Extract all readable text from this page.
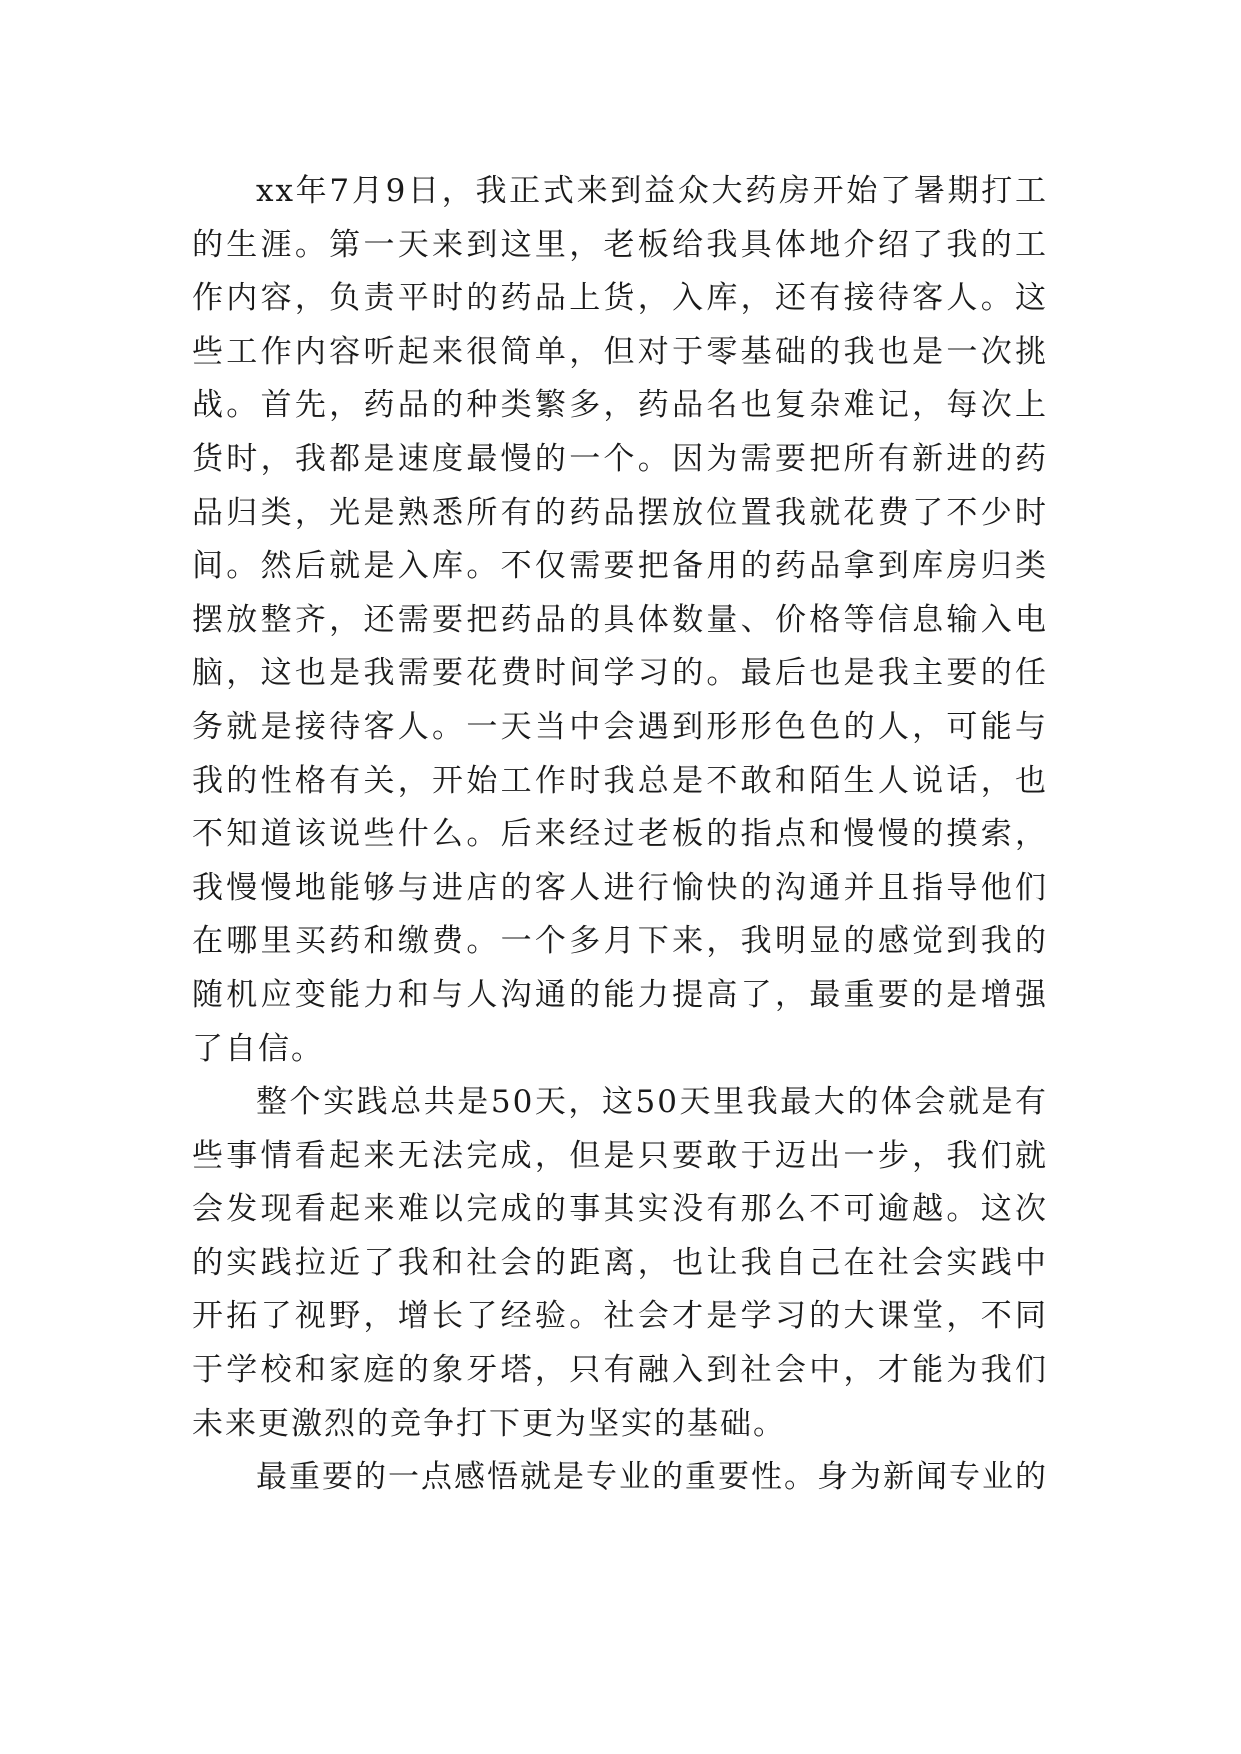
xx年7月9日，我正式来到益众大药房开始了暑期打工的生涯。第一天来到这里，老板给我具体地介绍了我的工作内容，负责平时的药品上货，入库，还有接待客人。这些工作内容听起来很简单，但对于零基础的我也是一次挑战。首先，药品的种类繁多，药品名也复杂难记，每次上货时，我都是速度最慢的一个。因为需要把所有新进的药品归类，光是熟悉所有的药品摆放位置我就花费了不少时间。然后就是入库。不仅需要把备用的药品拿到库房归类摆放整齐，还需要把药品的具体数量、价格等信息输入电脑，这也是我需要花费时间学习的。最后也是我主要的任务就是接待客人。一天当中会遇到形形色色的人，可能与我的性格有关，开始工作时我总是不敢和陌生人说话，也不知道该说些什么。后来经过老板的指点和慢慢的摸索，我慢慢地能够与进店的客人进行愉快的沟通并且指导他们在哪里买药和缴费。一个多月下来，我明显的感觉到我的随机应变能力和与人沟通的能力提高了，最重要的是增强了自信。

整个实践总共是50天，这50天里我最大的体会就是有些事情看起来无法完成，但是只要敢于迈出一步，我们就会发现看起来难以完成的事其实没有那么不可逾越。这次的实践拉近了我和社会的距离，也让我自己在社会实践中开拓了视野，增长了经验。社会才是学习的大课堂，不同于学校和家庭的象牙塔，只有融入到社会中，才能为我们未来更激烈的竞争打下更为坚实的基础。

最重要的一点感悟就是专业的重要性。身为新闻专业的
